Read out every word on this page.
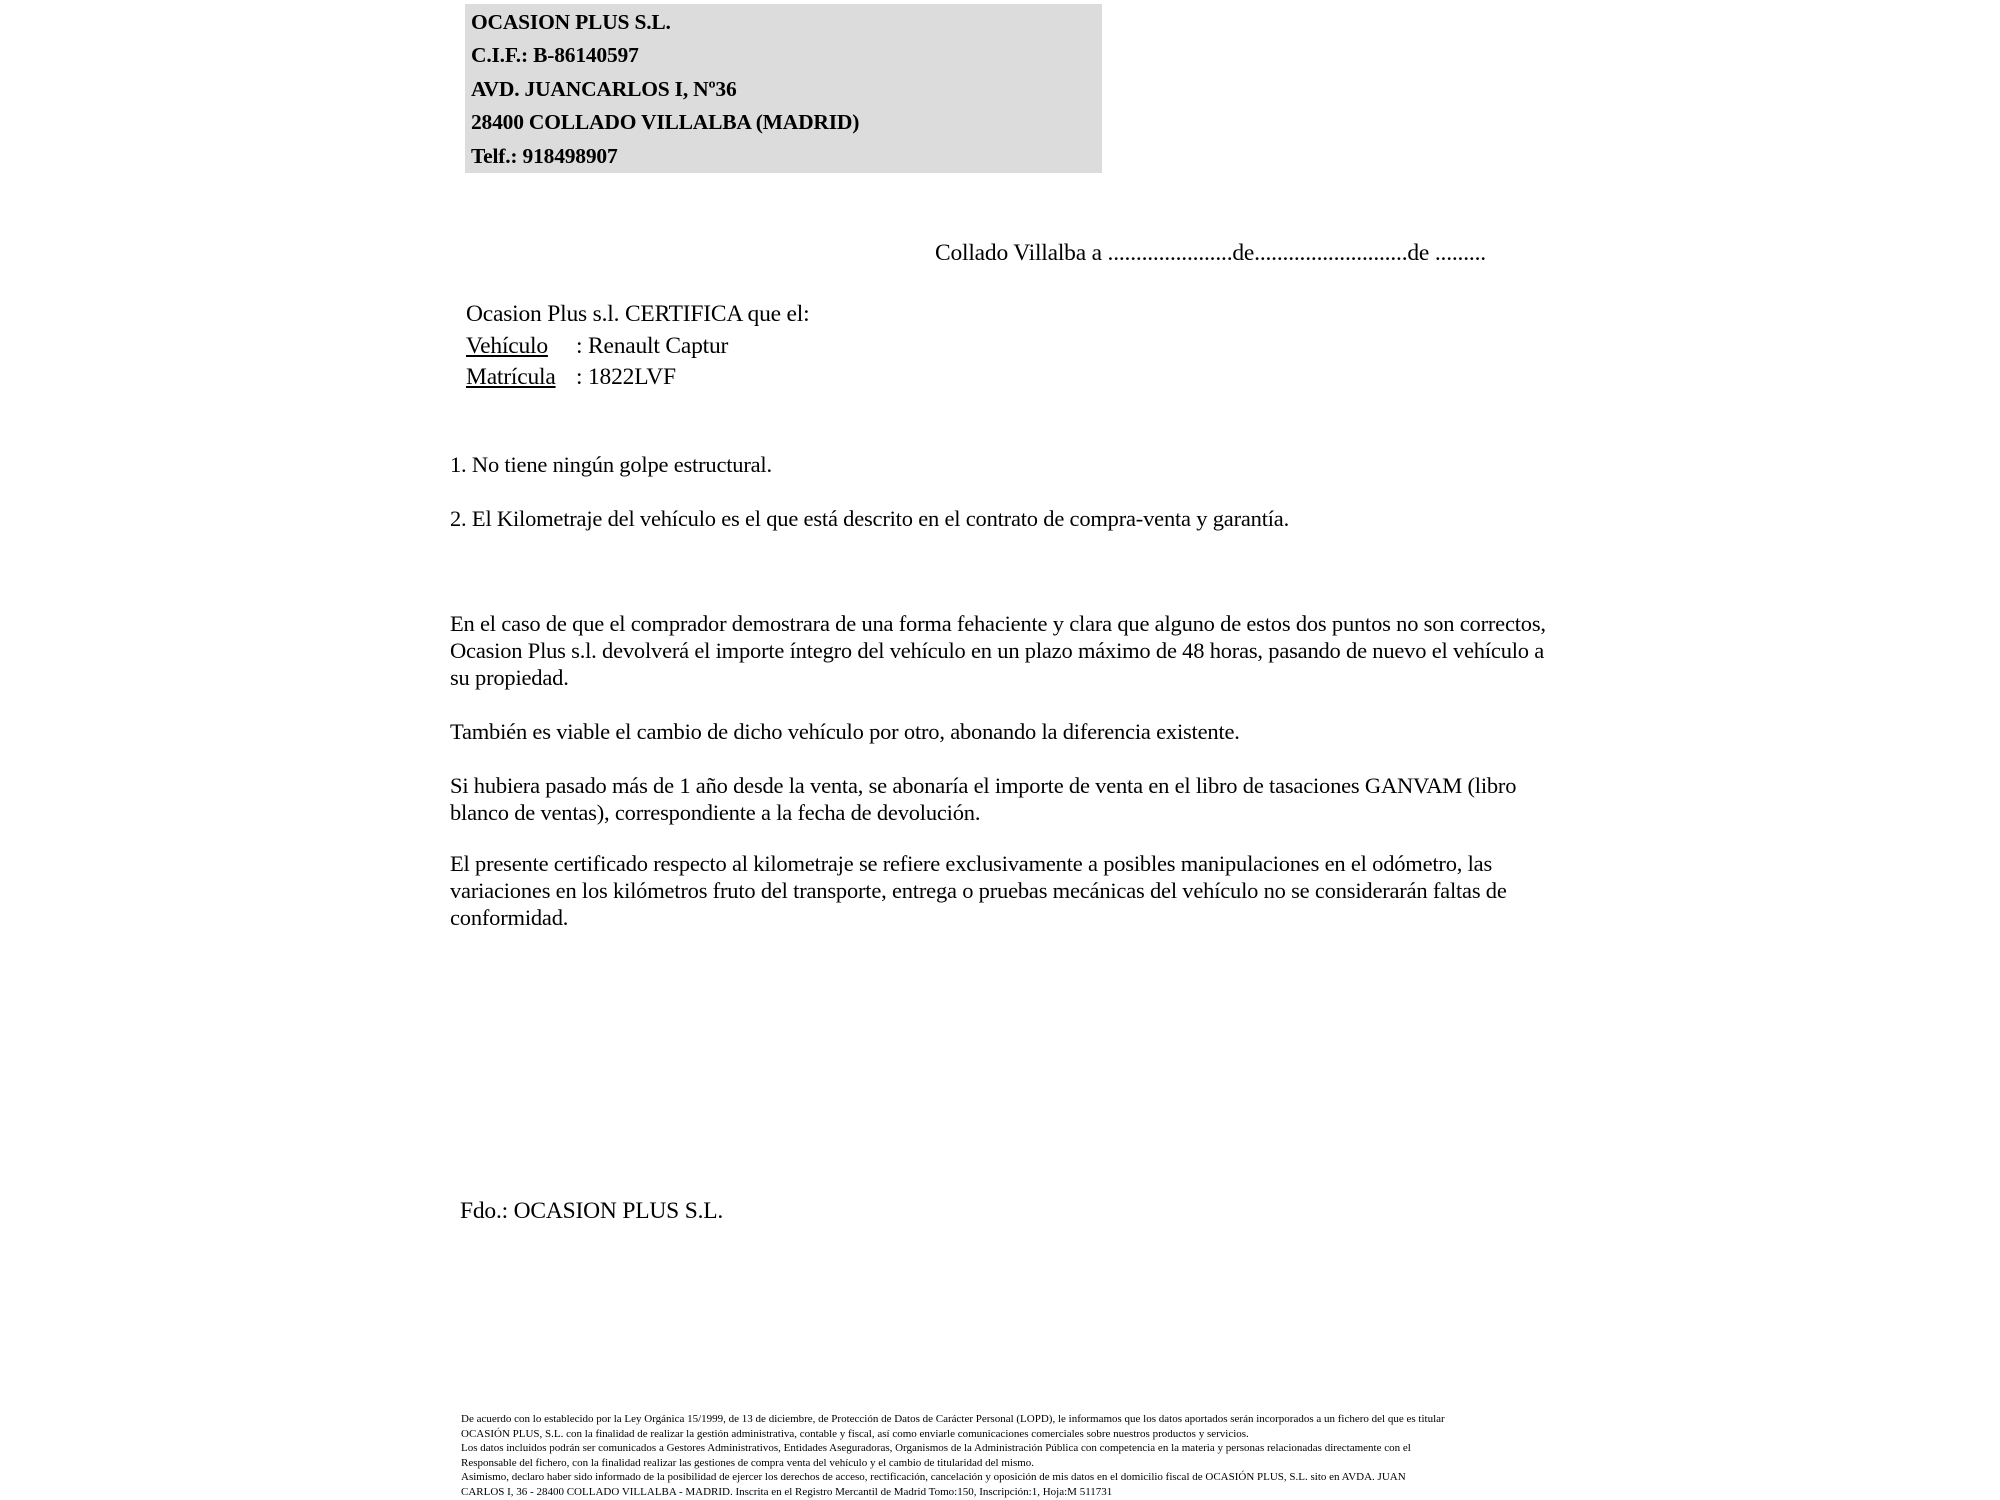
OCASION PLUS S.L.
C.I.F.: B-86140597
AVD. JUANCARLOS I, Nº36
28400 COLLADO VILLALBA (MADRID)
Telf.: 918498907
Collado Villalba a ......................de...........................de .........
Ocasion Plus s.l. CERTIFICA que el:
Vehículo : Renault Captur
Matrícula : 1822LVF
1. No tiene ningún golpe estructural.
2. El Kilometraje del vehículo es el que está descrito en el contrato de compra-venta y garantía.
En el caso de que el comprador demostrara de una forma fehaciente y clara que alguno de estos dos puntos no son correctos, Ocasion Plus s.l. devolverá el importe íntegro del vehículo en un plazo máximo de 48 horas, pasando de nuevo el vehículo a su propiedad.
También es viable el cambio de dicho vehículo por otro, abonando la diferencia existente.
Si hubiera pasado más de 1 año desde la venta, se abonaría el importe de venta en el libro de tasaciones GANVAM (libro blanco de ventas), correspondiente a la fecha de devolución.
El presente certificado respecto al kilometraje se refiere exclusivamente a posibles manipulaciones en el odómetro, las variaciones en los kilómetros fruto del transporte, entrega o pruebas mecánicas del vehículo no se considerarán faltas de conformidad.
Fdo.: OCASION PLUS S.L.
De acuerdo con lo establecido por la Ley Orgánica 15/1999, de 13 de diciembre, de Protección de Datos de Carácter Personal (LOPD), le informamos que los datos aportados serán incorporados a un fichero del que es titular
OCASIÓN PLUS, S.L. con la finalidad de realizar la gestión administrativa, contable y fiscal, así como enviarle comunicaciones comerciales sobre nuestros productos y servicios.
Los datos incluidos podrán ser comunicados a Gestores Administrativos, Entidades Aseguradoras, Organismos de la Administración Pública con competencia en la materia y personas relacionadas directamente con el
Responsable del fichero, con la finalidad realizar las gestiones de compra venta del vehículo y el cambio de titularidad del mismo.
Asimismo, declaro haber sido informado de la posibilidad de ejercer los derechos de acceso, rectificación, cancelación y oposición de mis datos en el domicilio fiscal de OCASIÓN PLUS, S.L. sito en AVDA. JUAN
CARLOS I, 36 - 28400 COLLADO VILLALBA - MADRID. Inscrita en el Registro Mercantil de Madrid Tomo:150, Inscripción:1, Hoja:M 511731
